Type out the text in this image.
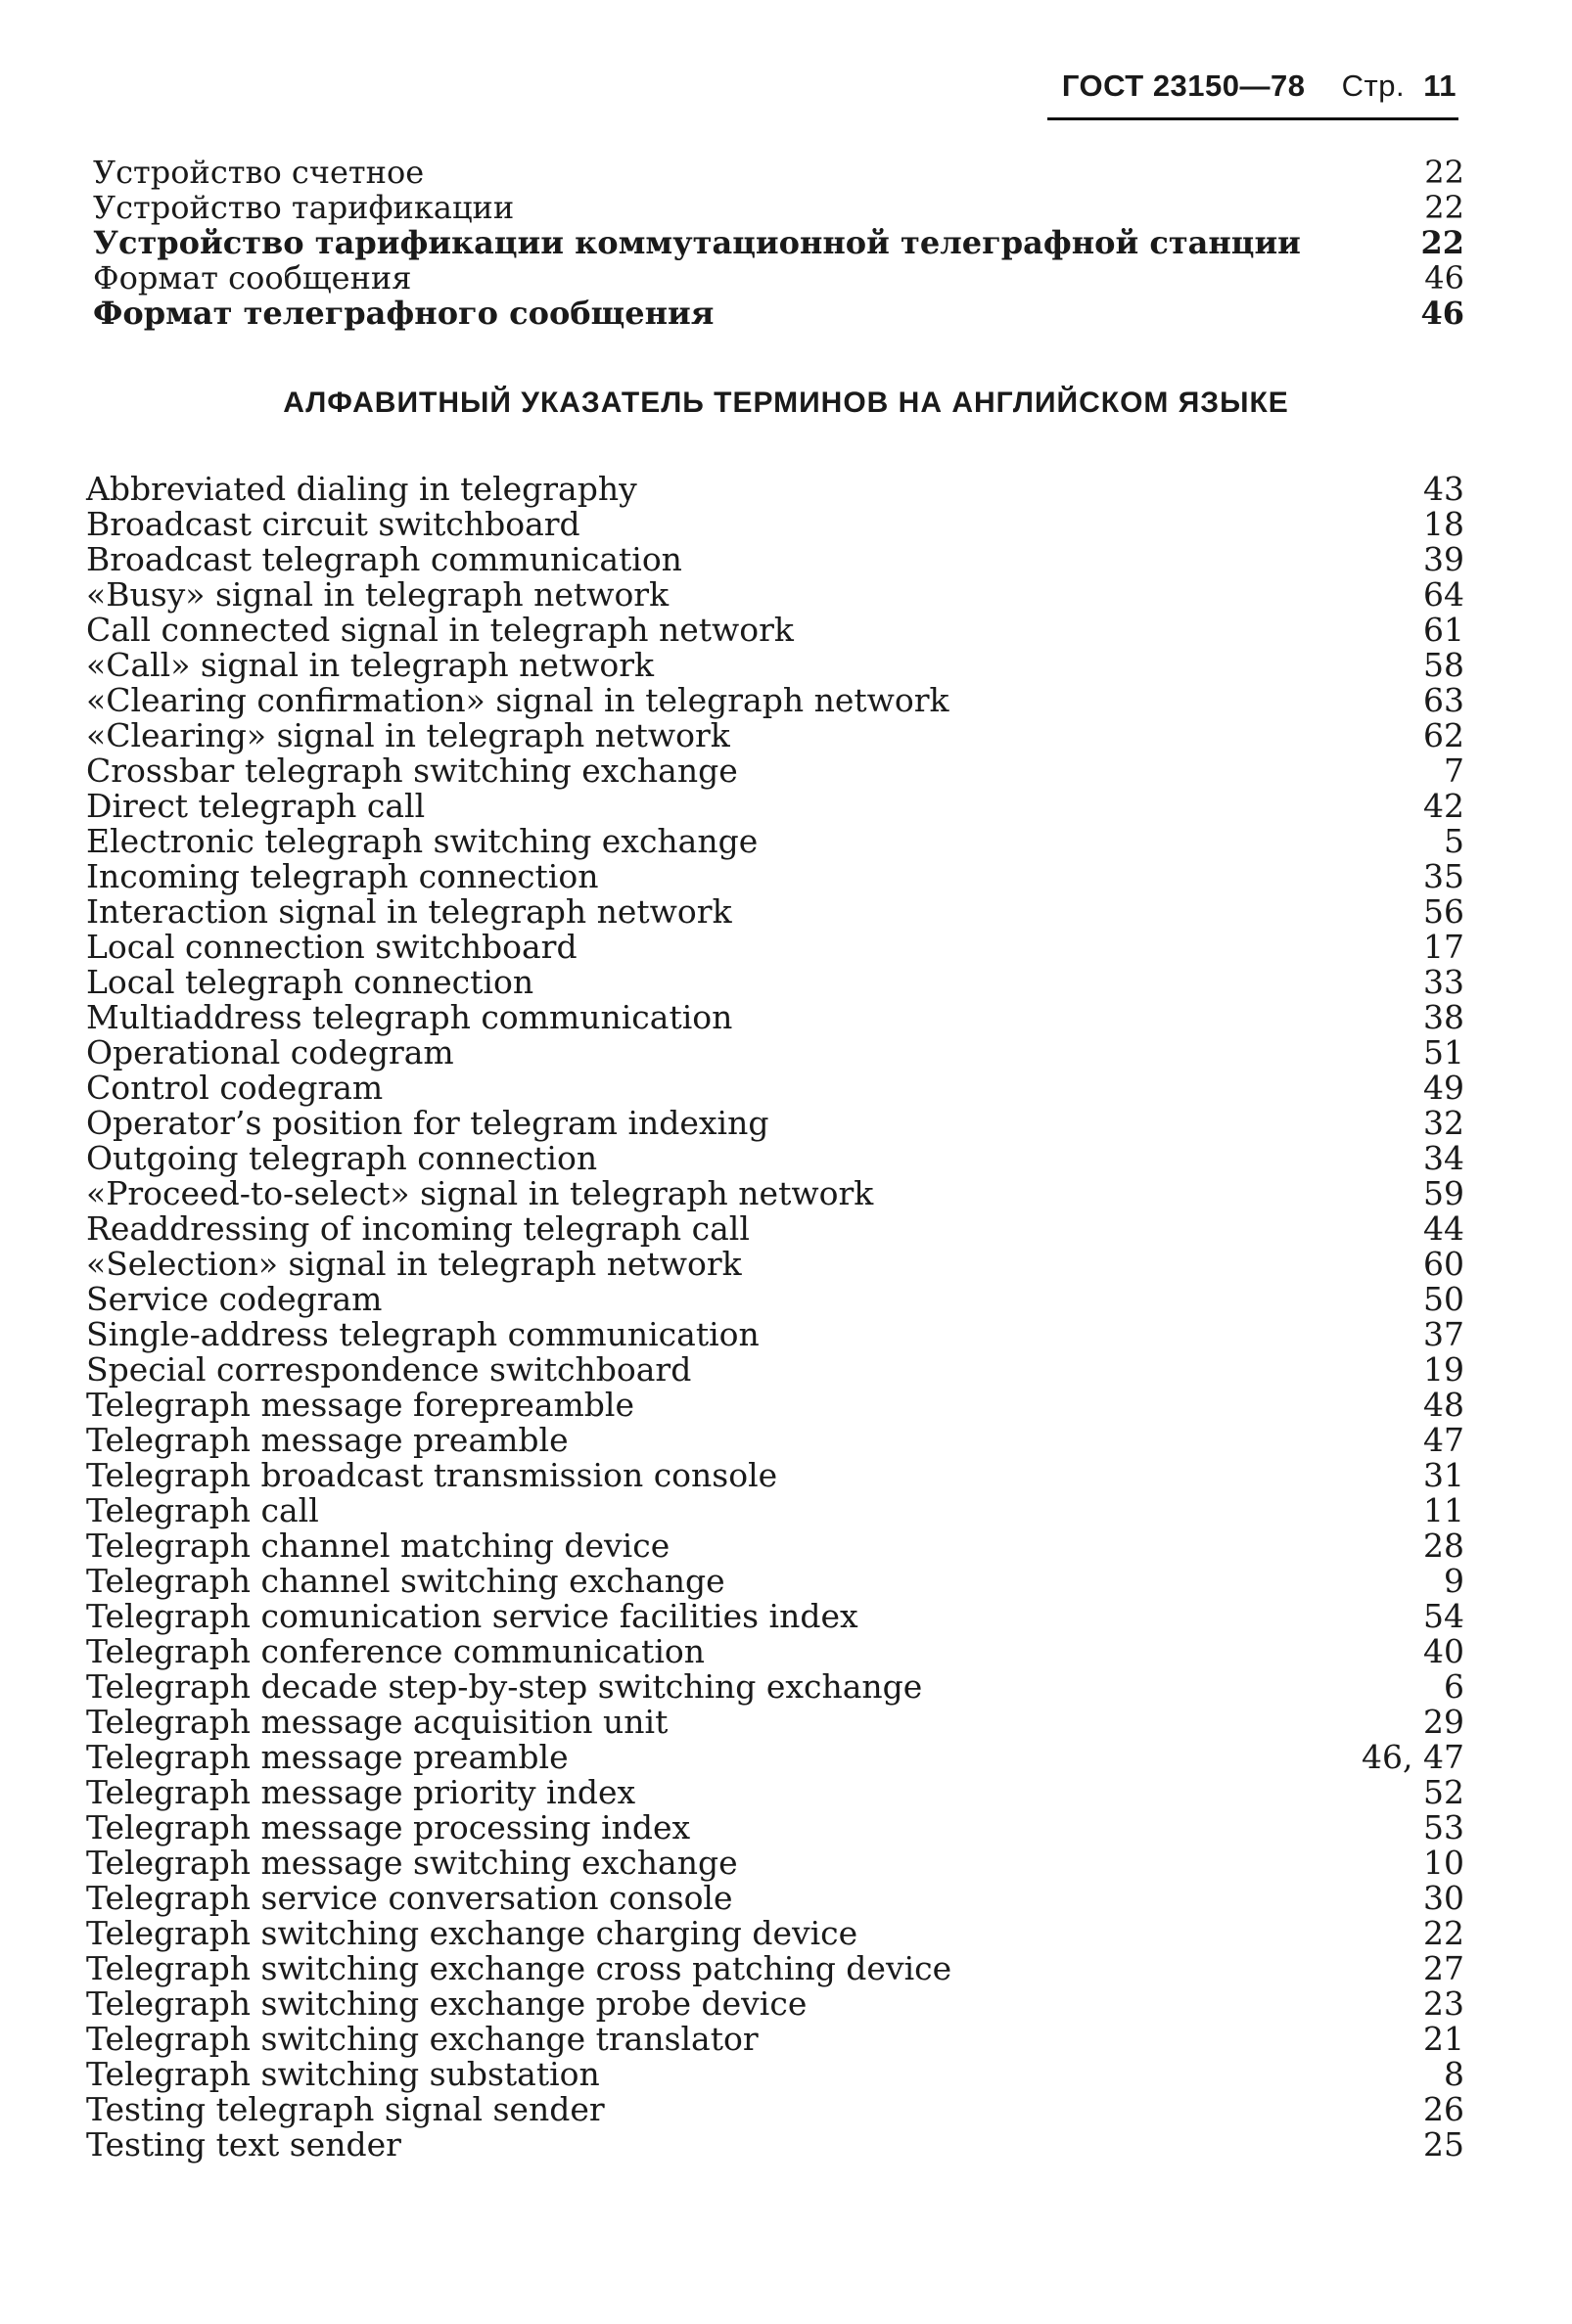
ГОСТ 23150—78 Стр. 11
Устройство счетное	22
Устройство тарификации	22
Устройство тарификации коммутационной телеграфной станции	22
Формат сообщения	46
Формат телеграфного сообщения	46
АЛФАВИТНЫЙ УКАЗАТЕЛЬ ТЕРМИНОВ НА АНГЛИЙСКОМ ЯЗЫКЕ
Abbreviated dialing in telegraphy	43
Broadcast circuit switchboard	18
Broadcast telegraph communication	39
«Busy» signal in telegraph network	64
Call connected signal in telegraph network	61
«Call» signal in telegraph network	58
«Clearing confirmation» signal in telegraph network	63
«Clearing» signal in telegraph network	62
Crossbar telegraph switching exchange	7
Direct telegraph call	42
Electronic telegraph switching exchange	5
Incoming telegraph connection	35
Interaction signal in telegraph network	56
Local connection switchboard	17
Local telegraph connection	33
Multiaddress telegraph communication	38
Operational codegram	51
Control codegram	49
Operator’s position for telegram indexing	32
Outgoing telegraph connection	34
«Proceed-to-select» signal in telegraph network	59
Readdressing of incoming telegraph call	44
«Selection» signal in telegraph network	60
Service codegram	50
Single-address telegraph communication	37
Special correspondence switchboard	19
Telegraph message forepreamble	48
Telegraph message preamble	47
Telegraph broadcast transmission console	31
Telegraph call	11
Telegraph channel matching device	28
Telegraph channel switching exchange	9
Telegraph comunication service facilities index	54
Telegraph conference communication	40
Telegraph decade step-by-step switching exchange	6
Telegraph message acquisition unit	29
Telegraph message preamble	46, 47
Telegraph message priority index	52
Telegraph message processing index	53
Telegraph message switching exchange	10
Telegraph service conversation console	30
Telegraph switching exchange charging device	22
Telegraph switching exchange cross patching device	27
Telegraph switching exchange probe device	23
Telegraph switching exchange translator	21
Telegraph switching substation	8
Testing telegraph signal sender	26
Testing text sender	25
